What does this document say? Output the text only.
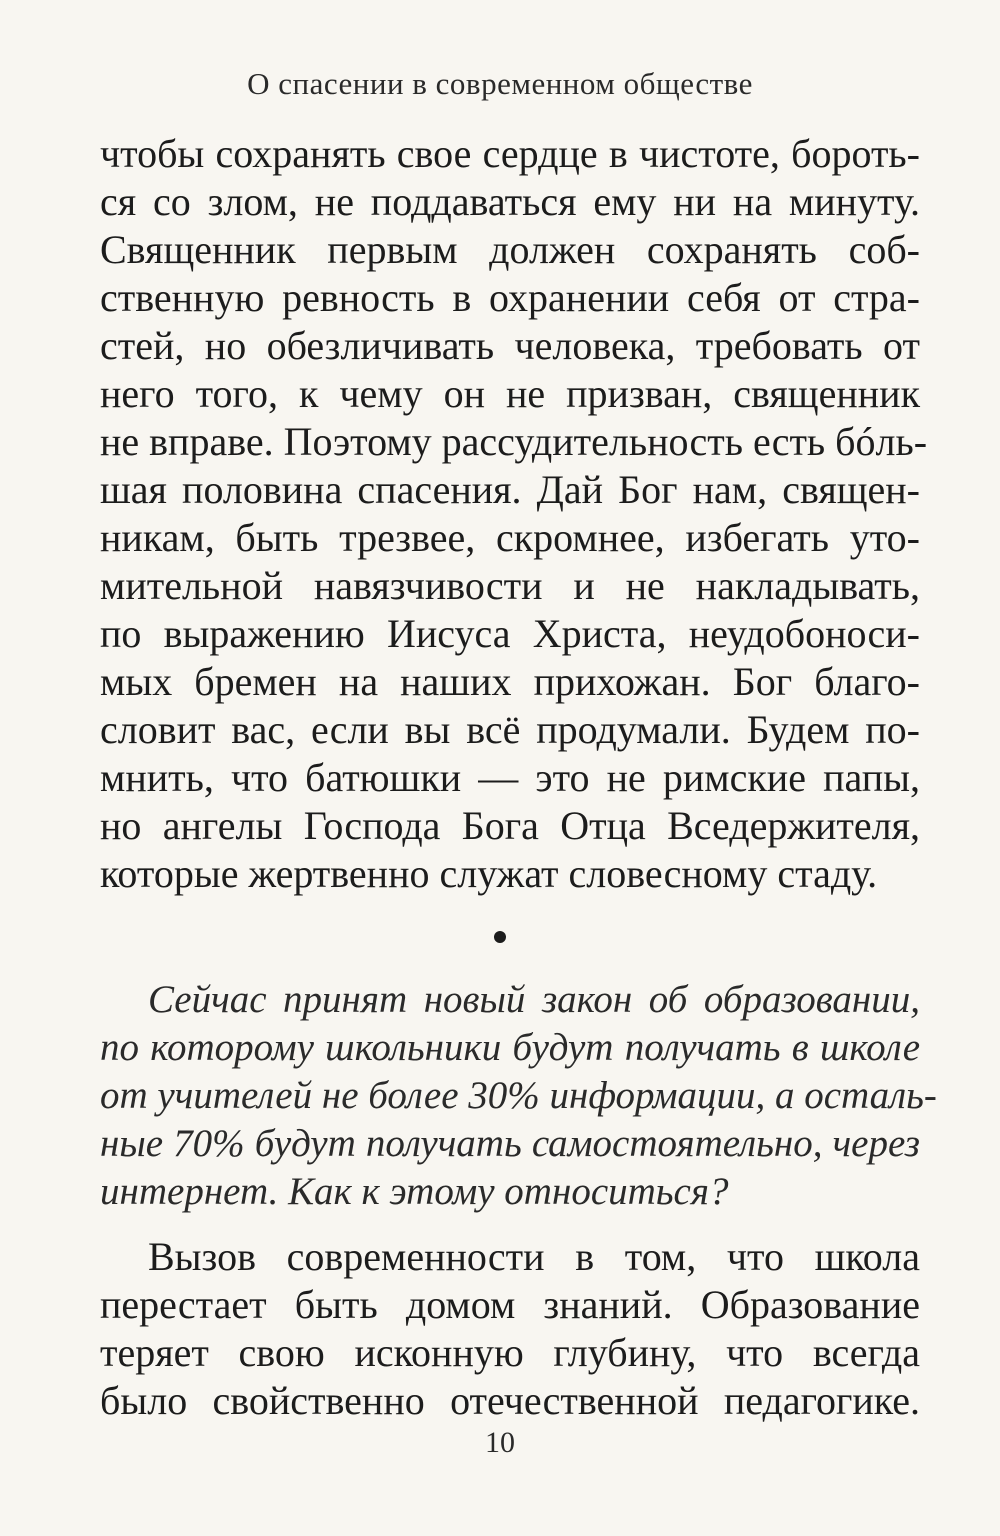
О спасении в современном обществе
чтобы сохранять свое сердце в чистоте, бороть-
ся со злом, не поддаваться ему ни на минуту.
Священник первым должен сохранять соб-
ственную ревность в охранении себя от стра-
стей, но обезличивать человека, требовать от
него того, к чему он не призван, священник
не вправе. Поэтому рассудительность есть бóль-
шая половина спасения. Дай Бог нам, священ-
никам, быть трезвее, скромнее, избегать уто-
мительной навязчивости и не накладывать,
по выражению Иисуса Христа, неудобоноси-
мых бремен на наших прихожан. Бог благо-
словит вас, если вы всё продумали. Будем по-
мнить, что батюшки — это не римские папы,
но ангелы Господа Бога Отца Вседержителя,
которые жертвенно служат словесному стаду.
Сейчас принят новый закон об образовании,
по которому школьники будут получать в школе
от учителей не более 30% информации, а осталь-
ные 70% будут получать самостоятельно, через
интернет. Как к этому относиться?
Вызов современности в том, что школа
перестает быть домом знаний. Образование
теряет свою исконную глубину, что всегда
было свойственно отечественной педагогике.
10
